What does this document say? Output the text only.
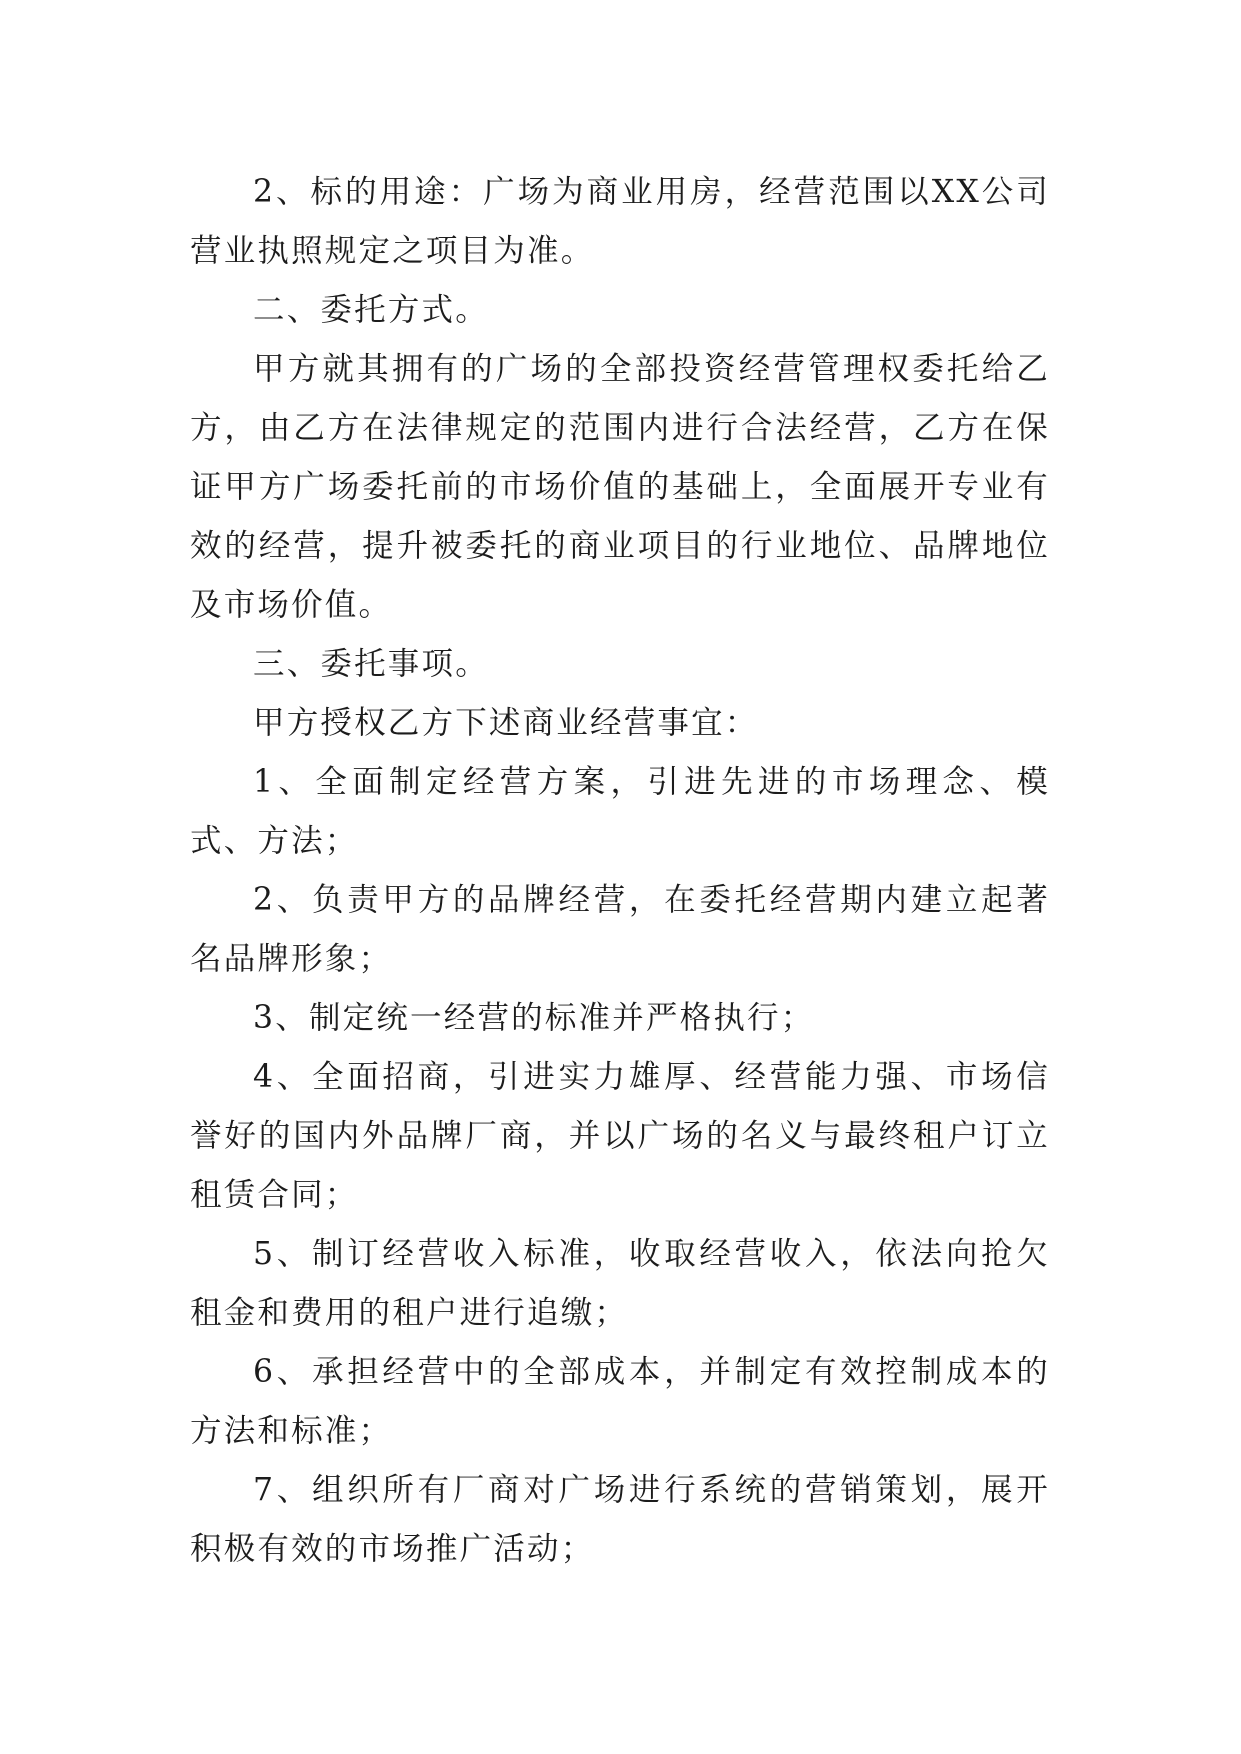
2、标的用途：广场为商业用房，经营范围以XX公司营业执照规定之项目为准。

二、委托方式。

甲方就其拥有的广场的全部投资经营管理权委托给乙方，由乙方在法律规定的范围内进行合法经营，乙方在保证甲方广场委托前的市场价值的基础上，全面展开专业有效的经营，提升被委托的商业项目的行业地位、品牌地位及市场价值。

三、委托事项。

甲方授权乙方下述商业经营事宜：

1、全面制定经营方案，引进先进的市场理念、模式、方法；

2、负责甲方的品牌经营，在委托经营期内建立起著名品牌形象；

3、制定统一经营的标准并严格执行；

4、全面招商，引进实力雄厚、经营能力强、市场信誉好的国内外品牌厂商，并以广场的名义与最终租户订立租赁合同；

5、制订经营收入标准，收取经营收入，依法向抢欠租金和费用的租户进行追缴；

6、承担经营中的全部成本，并制定有效控制成本的方法和标准；

7、组织所有厂商对广场进行系统的营销策划，展开积极有效的市场推广活动；
